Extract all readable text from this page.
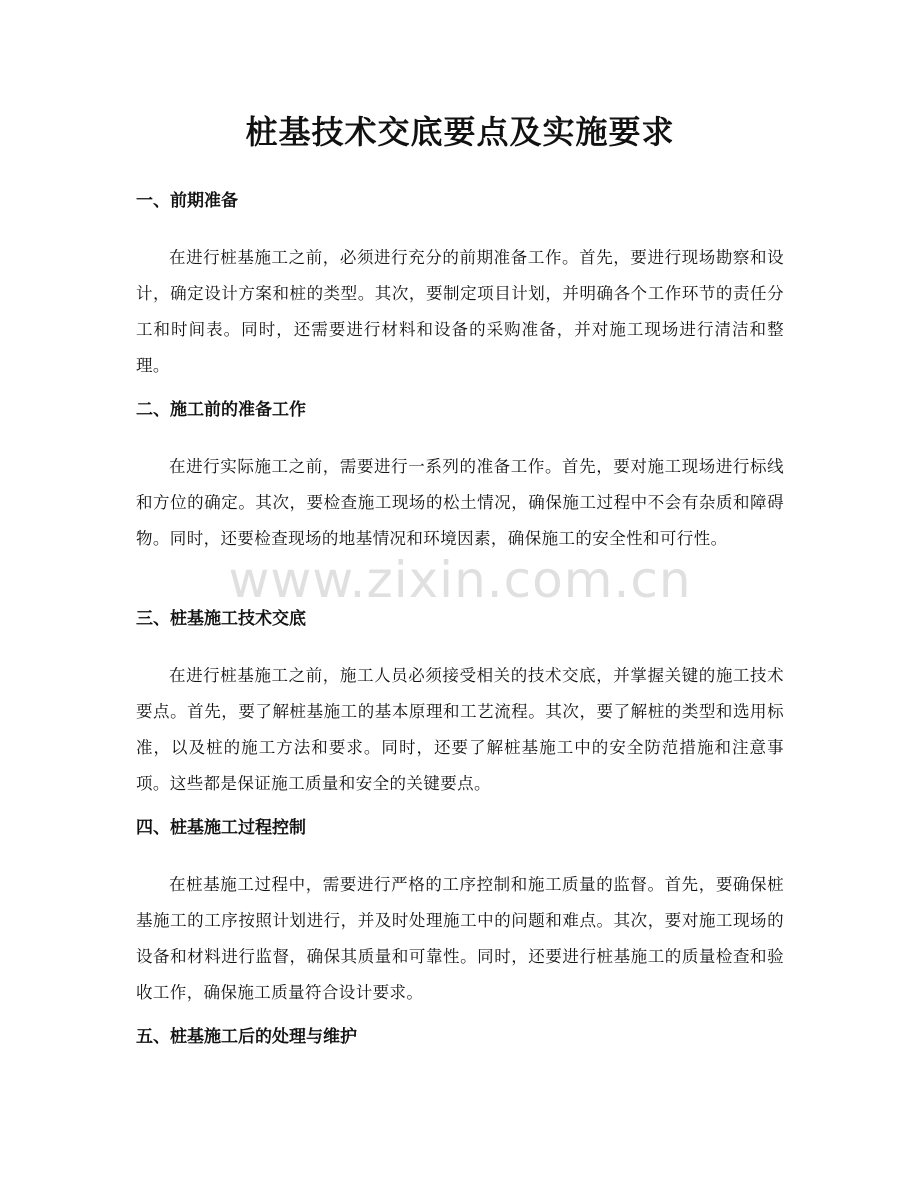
桩基技术交底要点及实施要求
一、前期准备

在进行桩基施工之前，必须进行充分的前期准备工作。首先，要进行现场勘察和设计，确定设计方案和桩的类型。其次，要制定项目计划，并明确各个工作环节的责任分工和时间表。同时，还需要进行材料和设备的采购准备，并对施工现场进行清洁和整理。

二、施工前的准备工作

在进行实际施工之前，需要进行一系列的准备工作。首先，要对施工现场进行标线和方位的确定。其次，要检查施工现场的松土情况，确保施工过程中不会有杂质和障碍物。同时，还要检查现场的地基情况和环境因素，确保施工的安全性和可行性。

三、桩基施工技术交底

在进行桩基施工之前，施工人员必须接受相关的技术交底，并掌握关键的施工技术要点。首先，要了解桩基施工的基本原理和工艺流程。其次，要了解桩的类型和选用标准，以及桩的施工方法和要求。同时，还要了解桩基施工中的安全防范措施和注意事项。这些都是保证施工质量和安全的关键要点。

四、桩基施工过程控制

在桩基施工过程中，需要进行严格的工序控制和施工质量的监督。首先，要确保桩基施工的工序按照计划进行，并及时处理施工中的问题和难点。其次，要对施工现场的设备和材料进行监督，确保其质量和可靠性。同时，还要进行桩基施工的质量检查和验收工作，确保施工质量符合设计要求。

五、桩基施工后的处理与维护
www.zixin.com.cn
